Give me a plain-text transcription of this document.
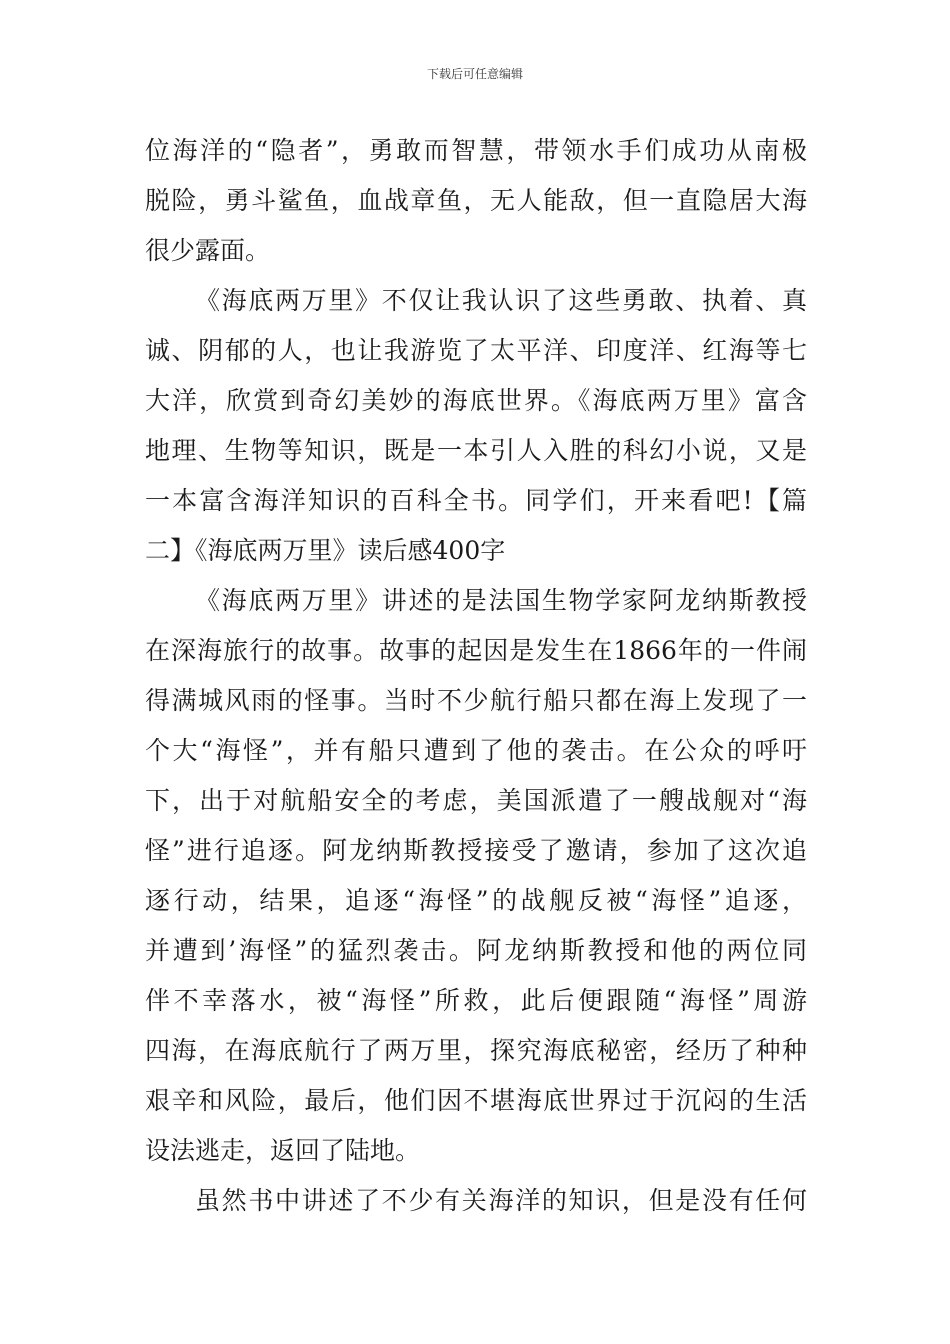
下载后可任意编辑
位海洋的“隐者”，勇敢而智慧，带领水手们成功从南极
脱险，勇斗鲨鱼，血战章鱼，无人能敌，但一直隐居大海
很少露面。
《海底两万里》不仅让我认识了这些勇敢、执着、真
诚、阴郁的人，也让我游览了太平洋、印度洋、红海等七
大洋，欣赏到奇幻美妙的海底世界。《海底两万里》富含
地理、生物等知识，既是一本引人入胜的科幻小说，又是
一本富含海洋知识的百科全书。同学们，开来看吧!【篇
二】《海底两万里》读后感400字
《海底两万里》讲述的是法国生物学家阿龙纳斯教授
在深海旅行的故事。故事的起因是发生在1866年的一件闹
得满城风雨的怪事。当时不少航行船只都在海上发现了一
个大“海怪”，并有船只遭到了他的袭击。在公众的呼吁
下，出于对航船安全的考虑，美国派遣了一艘战舰对“海
怪”进行追逐。阿龙纳斯教授接受了邀请，参加了这次追
逐行动，结果，追逐“海怪”的战舰反被“海怪”追逐，
并遭到’海怪”的猛烈袭击。阿龙纳斯教授和他的两位同
伴不幸落水，被“海怪”所救，此后便跟随“海怪”周游
四海，在海底航行了两万里，探究海底秘密，经历了种种
艰辛和风险，最后，他们因不堪海底世界过于沉闷的生活
设法逃走，返回了陆地。
虽然书中讲述了不少有关海洋的知识，但是没有任何
